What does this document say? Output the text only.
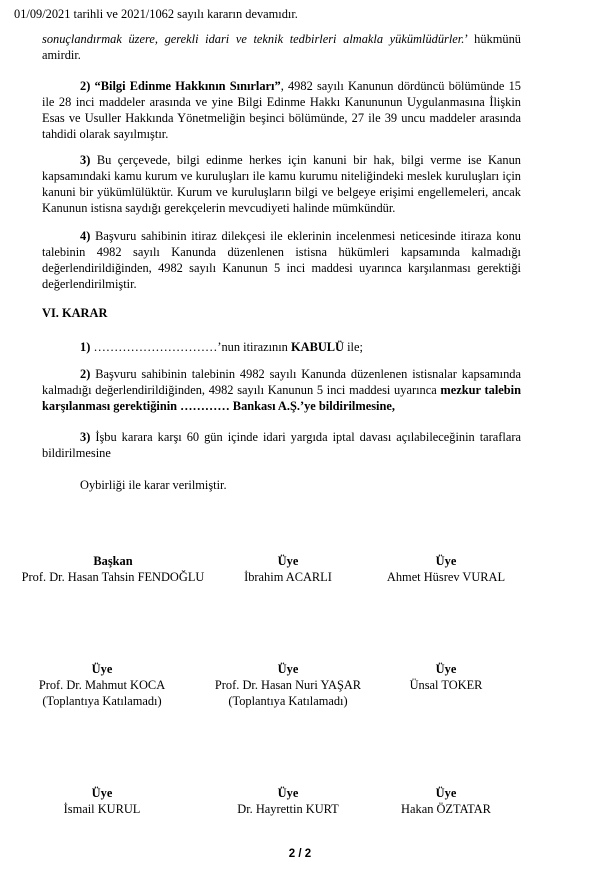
01/09/2021 tarihli ve 2021/1062 sayılı kararın devamıdır.

sonuçlandırmak üzere, gerekli idari ve teknik tedbirleri almakla yükümlüdürler.’ hükmünü amirdir.

2) “Bilgi Edinme Hakkının Sınırları”, 4982 sayılı Kanunun dördüncü bölümünde 15 ile 28 inci maddeler arasında ve yine Bilgi Edinme Hakkı Kanununun Uygulanmasına İlişkin Esas ve Usuller Hakkında Yönetmeliğin beşinci bölümünde, 27 ile 39 uncu maddeler arasında tahdidi olarak sayılmıştır.

3) Bu çerçevede, bilgi edinme herkes için kanuni bir hak, bilgi verme ise Kanun kapsamındaki kamu kurum ve kuruluşları ile kamu kurumu niteliğindeki meslek kuruluşları için kanuni bir yükümlülüktür. Kurum ve kuruluşların bilgi ve belgeye erişimi engellemeleri, ancak Kanunun istisna saydığı gerekçelerin mevcudiyeti halinde mümkündür.

4) Başvuru sahibinin itiraz dilekçesi ile eklerinin incelenmesi neticesinde itiraza konu talebinin 4982 sayılı Kanunda düzenlenen istisna hükümleri kapsamında kalmadığı değerlendirildiğinden, 4982 sayılı Kanunun 5 inci maddesi uyarınca karşılanması gerektiği değerlendirilmiştir.

VI. KARAR

1) …………………………’nun itirazının KABULÜ ile;

2) Başvuru sahibinin talebinin 4982 sayılı Kanunda düzenlenen istisnalar kapsamında kalmadığı değerlendirildiğinden, 4982 sayılı Kanunun 5 inci maddesi uyarınca mezkur talebin karşılanması gerektiğinin ………… Bankası A.Ş.’ye bildirilmesine,

3) İşbu karara karşı 60 gün içinde idari yargıda iptal davası açılabileceğinin taraflara bildirilmesine

Oybirliği ile karar verilmiştir.

Başkan
Prof. Dr. Hasan Tahsin FENDOĞLU
Üye
İbrahim ACARLI
Üye
Ahmet Hüsrev VURAL
Üye
Prof. Dr. Mahmut KOCA
(Toplantıya Katılamadı)
Üye
Prof. Dr. Hasan Nuri YAŞAR
(Toplantıya Katılamadı)
Üye
Ünsal TOKER
Üye
İsmail KURUL
Üye
Dr. Hayrettin KURT
Üye
Hakan ÖZTATAR
2 / 2
